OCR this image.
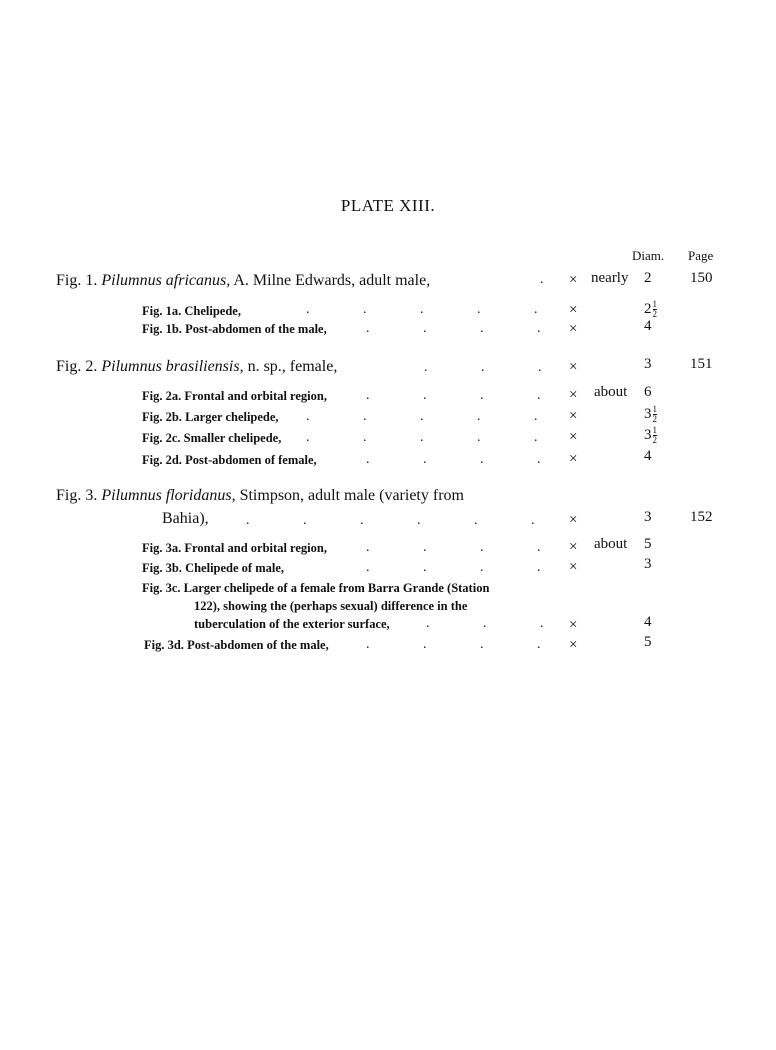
PLATE XIII.
Diam. Page
Fig. 1. Pilumnus africanus, A. Milne Edwards, adult male,	. × nearly 2	150
Fig. 1a. Chelipede,	. . . . . ×	$2 \frac{1}{2}$
Fig. 1b. Post-abdomen of the male,	. . . . ×	4
Fig. 2. Pilumnus brasiliensis, n. sp., female,	. . . ×	3	151
Fig. 2a. Frontal and orbital region,	. . . . × about 6
Fig. 2b. Larger chelipede, . . . . . ×	$3 \frac{1}{2}$
Fig. 2c. Smaller chelipede, . . . . . ×	$3 \frac{1}{2}$
Fig. 2d. Post-abdomen of female,	. . . . ×	4
Fig. 3. Pilumnus floridanus, Stimpson, adult male (variety from
Bahia),	. . . . . . ×	3	152
Fig. 3a. Frontal and orbital region,	. . . . × about 5
Fig. 3b. Chelipede of male,	. . . . ×	3
Fig. 3c. Larger chelipede of a female from Barra Grande (Station
122), showing the (perhaps sexual) difference in the
tuberculation of the exterior surface,	. . . ×	4
Fig. 3d. Post-abdomen of the male,	. . . . ×	5
